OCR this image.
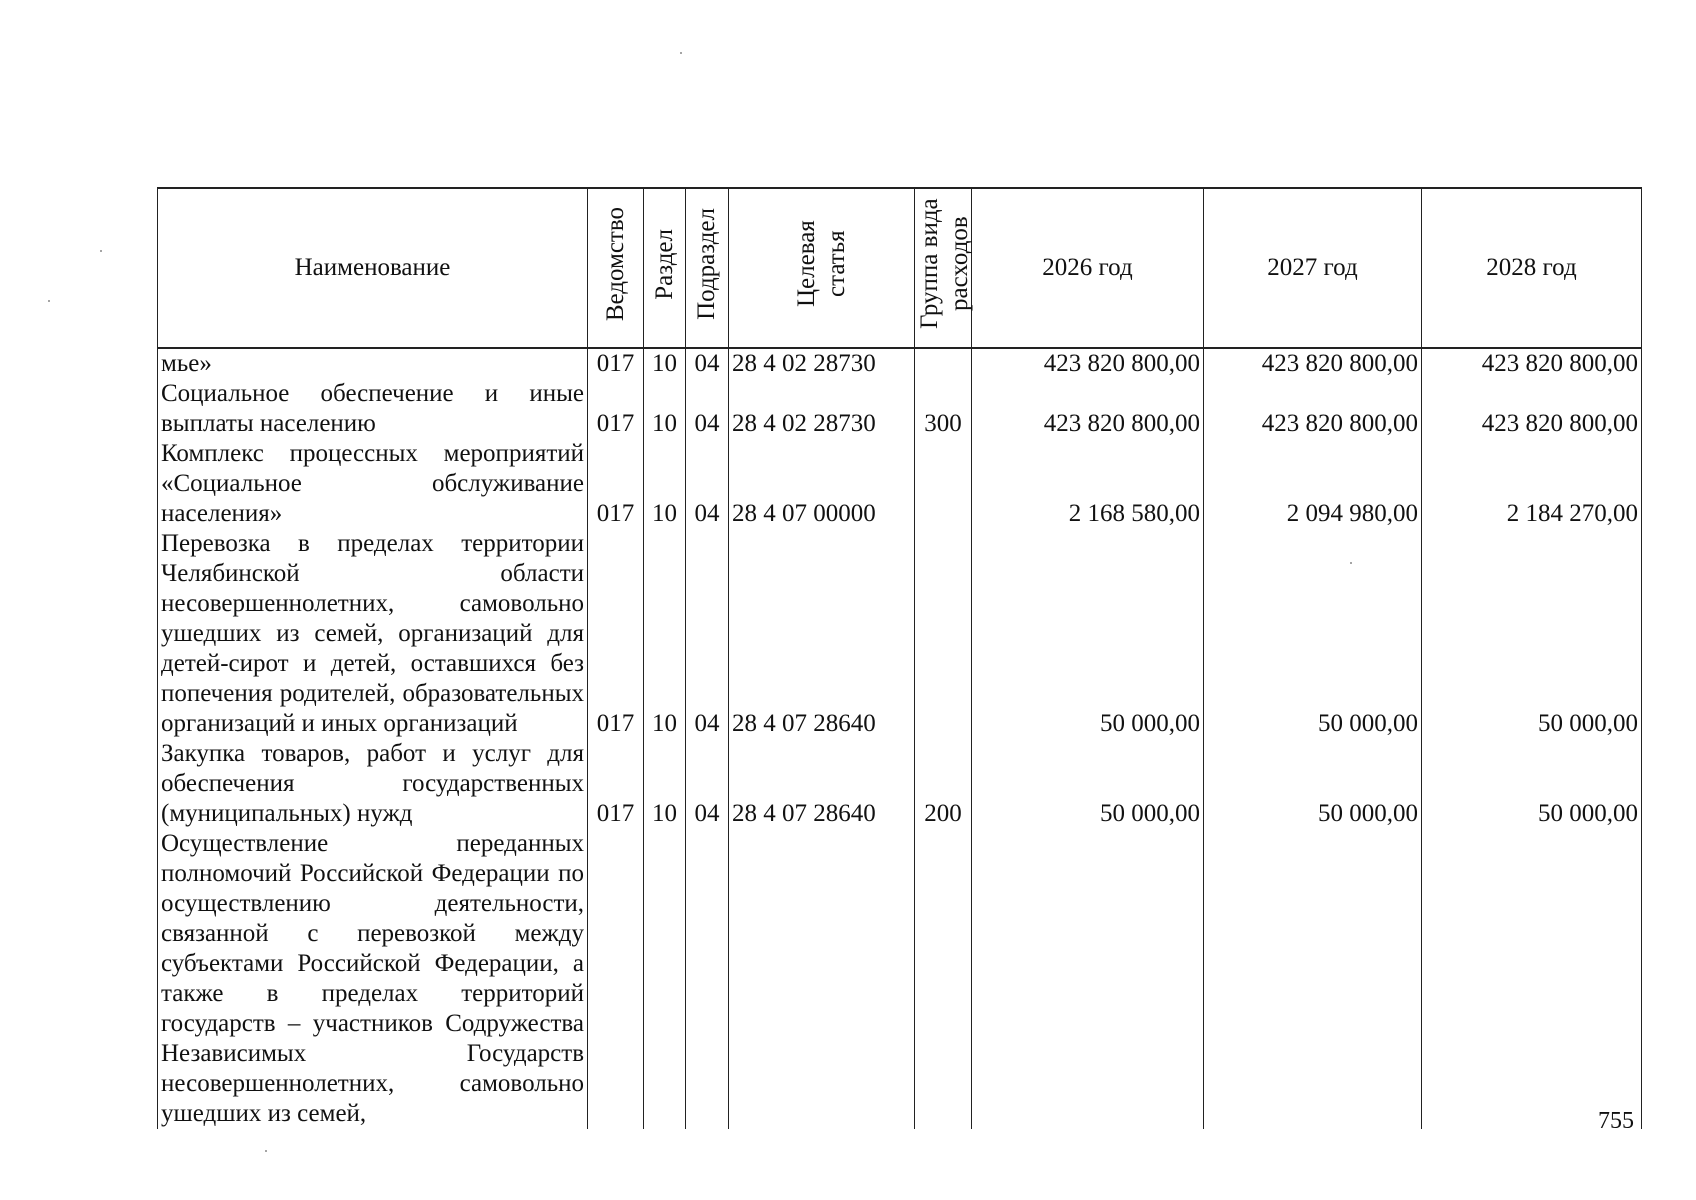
Наименование	Ведомство	Раздел	Подраздел	Целевая статья	Группа вида расходов	2026 год	2027 год	2028 год
мье»	017	10	04	28 4 02 28730		423 820 800,00	423 820 800,00	423 820 800,00
Социальное обеспечение и иные выплаты населению	017	10	04	28 4 02 28730	300	423 820 800,00	423 820 800,00	423 820 800,00
Комплекс процессных мероприятий «Социальное обслуживание населения»	017	10	04	28 4 07 00000		2 168 580,00	2 094 980,00	2 184 270,00
Перевозка в пределах территории Челябинской области несовершеннолетних, самовольно ушедших из семей, организаций для детей-сирот и детей, оставшихся без попечения родителей, образовательных организаций и иных организаций	017	10	04	28 4 07 28640		50 000,00	50 000,00	50 000,00
Закупка товаров, работ и услуг для обеспечения государственных (муниципальных) нужд	017	10	04	28 4 07 28640	200	50 000,00	50 000,00	50 000,00
Осуществление переданных полномочий Российской Федерации по осуществлению деятельности, связанной с перевозкой между субъектами Российской Федерации, а также в пределах территорий государств – участников Содружества Независимых Государств несовершеннолетних, самовольно ушедших из семей,									755
